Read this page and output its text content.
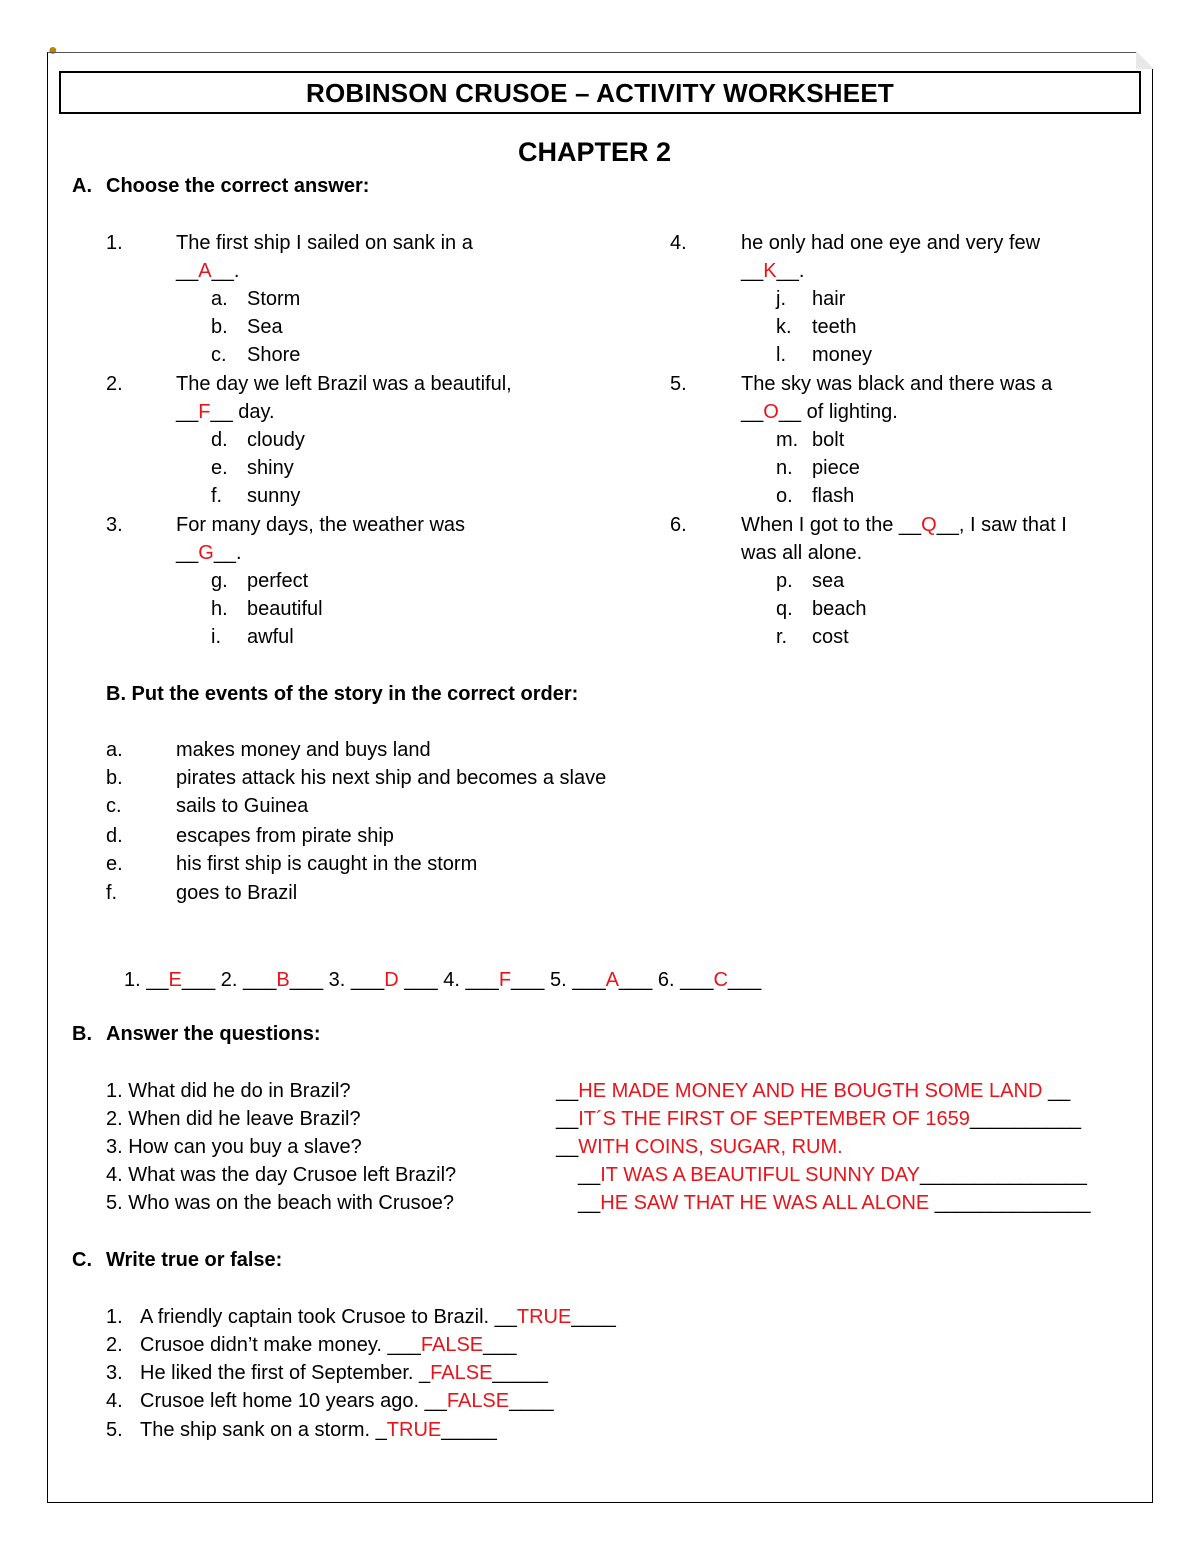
●
ROBINSON CRUSOE – ACTIVITY WORKSHEET
CHAPTER 2
A. Choose the correct answer:
1.	The first ship I sailed on sank in a
__A__.
a. Storm
b. Sea
c. Shore
2.	The day we left Brazil was a beautiful,
__F__ day.
d. cloudy
e. shiny
f. sunny
3.	For many days, the weather was
__G__.
g. perfect
h. beautiful
i. awful
4.	he only had one eye and very few
__K__.
j. hair
k. teeth
l. money
5.	The sky was black and there was a
__O__ of lighting.
m. bolt
n. piece
o. flash
6.	When I got to the __Q__, I saw that I
was all alone.
p. sea
q. beach
r. cost
B. Put the events of the story in the correct order:
a.	makes money and buys land
b.	pirates attack his next ship and becomes a slave
c.	sails to Guinea
d.	escapes from pirate ship
e.	his first ship is caught in the storm
f.	goes to Brazil
1. __E___ 2. ___B___ 3. ___D ___ 4. ___F___ 5. ___A___ 6. ___C___
B. Answer the questions:
1. What did he do in Brazil?	__HE MADE MONEY AND HE BOUGTH SOME LAND __
2. When did he leave Brazil?	__IT´S THE FIRST OF SEPTEMBER OF 1659__________
3. How can you buy a slave?	__WITH COINS, SUGAR, RUM.
4. What was the day Crusoe left Brazil?	__IT WAS A BEAUTIFUL SUNNY DAY_______________
5. Who was on the beach with Crusoe?	__HE SAW THAT HE WAS ALL ALONE ______________
C. Write true or false:
1. A friendly captain took Crusoe to Brazil. __TRUE____
2. Crusoe didn’t make money. ___FALSE___
3. He liked the first of September. _FALSE_____
4. Crusoe left home 10 years ago. __FALSE____
5. The ship sank on a storm. _TRUE_____
